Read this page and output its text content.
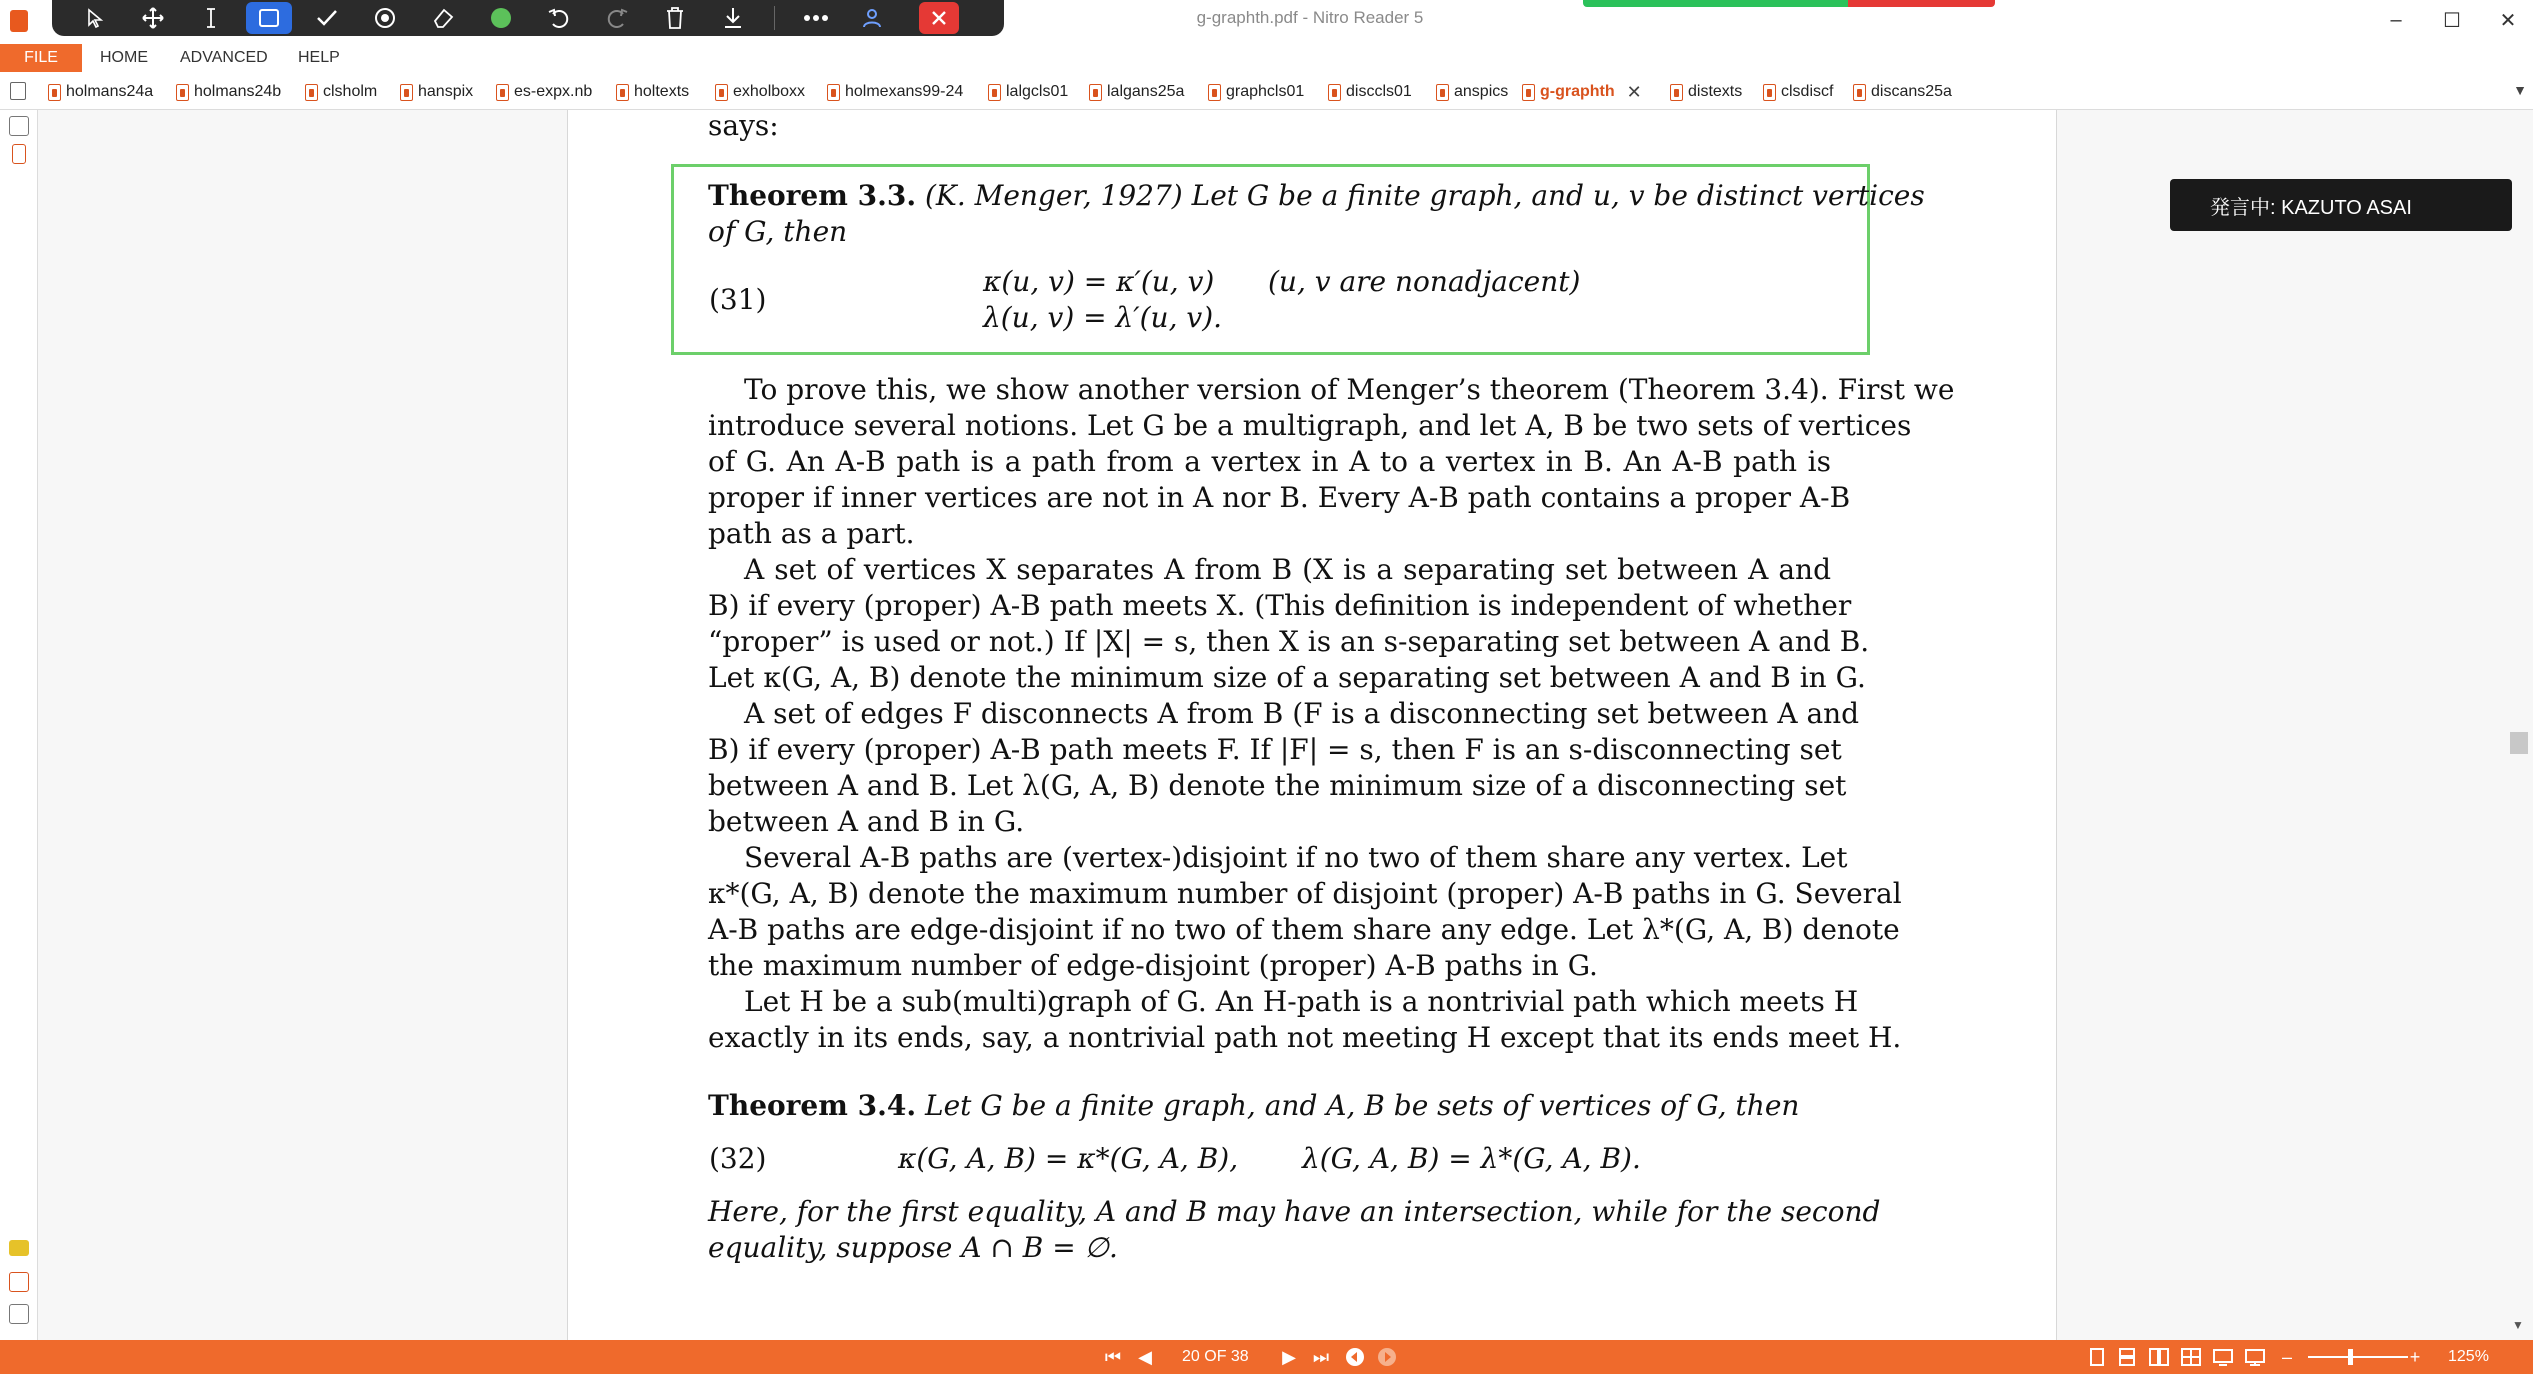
g-graphth.pdf - Nitro Reader 5	–	☐	✕
FILE	HOME ADVANCED HELP
holmans24a	holmans24b	clsholm	hanspix	es-expx.nb	holtexts	exholboxx holmexans99-24	lalgcls01 lalgans25a	graphcls01	disccls01	anspics g-graphth ✕	distexts clsdiscf discans25a	▼
▼
says:
Theorem 3.3. (K. Menger, 1927) Let G be a finite graph, and u, v be distinct vertices
of G, then
(31)
κ(u, v) = κ′(u, v) (u, v are nonadjacent)
λ(u, v) = λ′(u, v).
To prove this, we show another version of Menger’s theorem (Theorem 3.4). First we
introduce several notions. Let G be a multigraph, and let A, B be two sets of vertices
of G. An A-B path is a path from a vertex in A to a vertex in B. An A-B path is
proper if inner vertices are not in A nor B. Every A-B path contains a proper A-B
path as a part.
A set of vertices X separates A from B (X is a separating set between A and
B) if every (proper) A-B path meets X. (This definition is independent of whether
“proper” is used or not.) If |X| = s, then X is an s-separating set between A and B.
Let κ(G, A, B) denote the minimum size of a separating set between A and B in G.
A set of edges F disconnects A from B (F is a disconnecting set between A and
B) if every (proper) A-B path meets F. If |F| = s, then F is an s-disconnecting set
between A and B. Let λ(G, A, B) denote the minimum size of a disconnecting set
between A and B in G.
Several A-B paths are (vertex-)disjoint if no two of them share any vertex. Let
κ*(G, A, B) denote the maximum number of disjoint (proper) A-B paths in G. Several
A-B paths are edge-disjoint if no two of them share any edge. Let λ*(G, A, B) denote
the maximum number of edge-disjoint (proper) A-B paths in G.
Let H be a sub(multi)graph of G. An H-path is a nontrivial path which meets H
exactly in its ends, say, a nontrivial path not meeting H except that its ends meet H.
Theorem 3.4. Let G be a finite graph, and A, B be sets of vertices of G, then
(32)	κ(G, A, B) = κ*(G, A, B), λ(G, A, B) = λ*(G, A, B).
Here, for the first equality, A and B may have an intersection, while for the second
equality, suppose A ∩ B = ∅.
発言中: KAZUTO ASAI
⏮ ◀ 20 OF 38 ▶ ⏭	–	+	125%
